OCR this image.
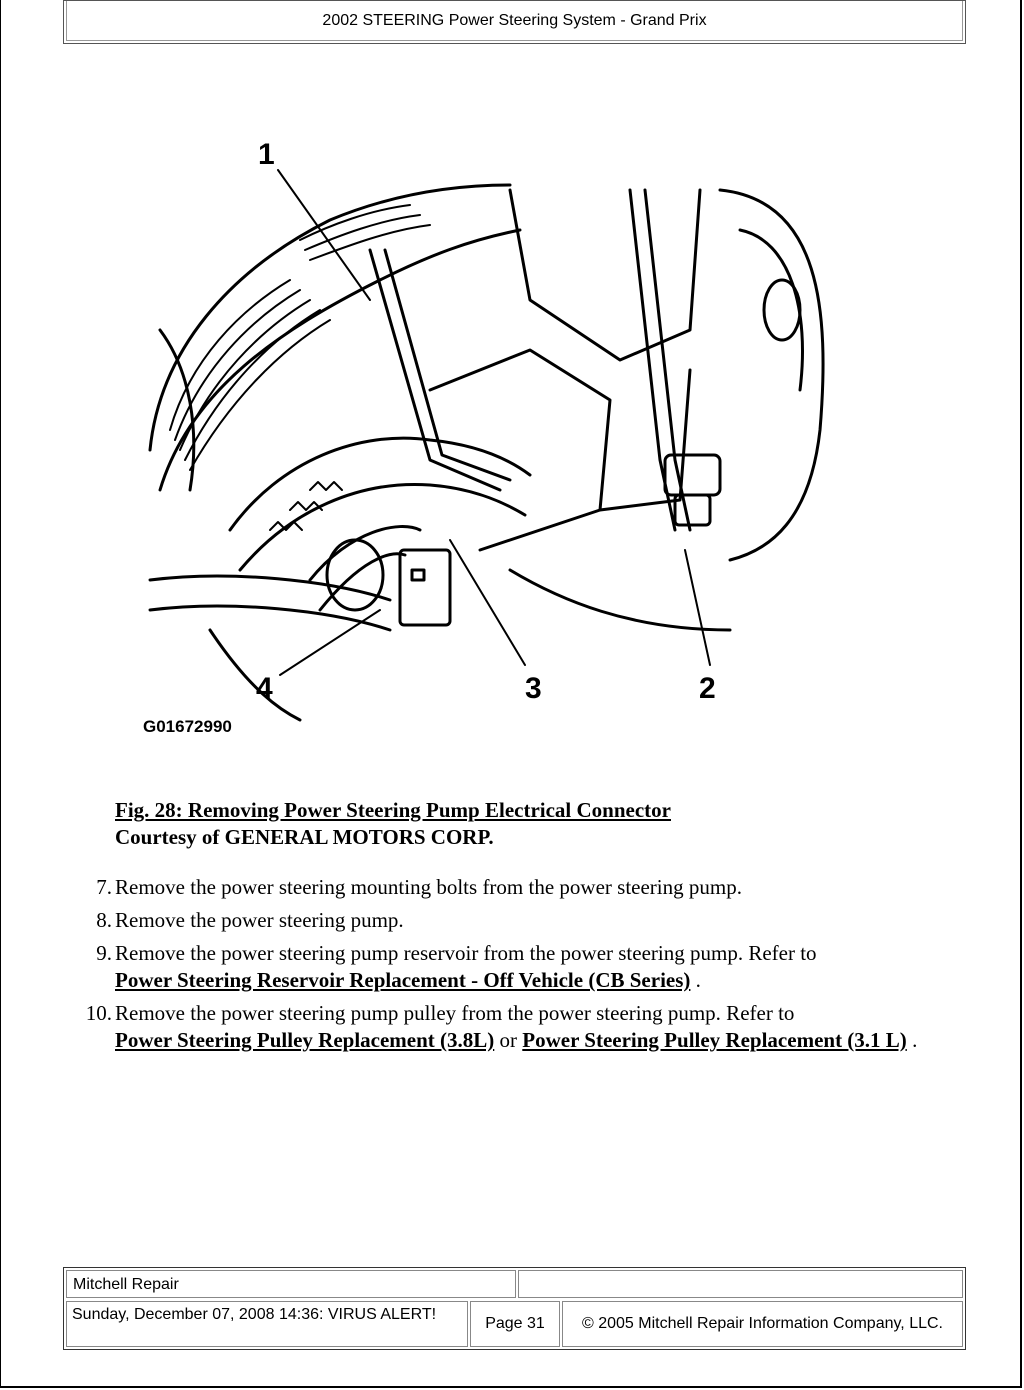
2002 STEERING Power Steering System - Grand Prix
1
2
3
4
G01672990
Fig. 28: Removing Power Steering Pump Electrical Connector
Courtesy of GENERAL MOTORS CORP.
7. Remove the power steering mounting bolts from the power steering pump.
8. Remove the power steering pump.
9. Remove the power steering pump reservoir from the power steering pump. Refer to
Power Steering Reservoir Replacement - Off Vehicle (CB Series) .
10. Remove the power steering pump pulley from the power steering pump. Refer to
Power Steering Pulley Replacement (3.8L) or Power Steering Pulley Replacement (3.1 L) .
Mitchell Repair
Sunday, December 07, 2008 14:36: VIRUS ALERT!
Page 31	© 2005 Mitchell Repair Information Company, LLC.
